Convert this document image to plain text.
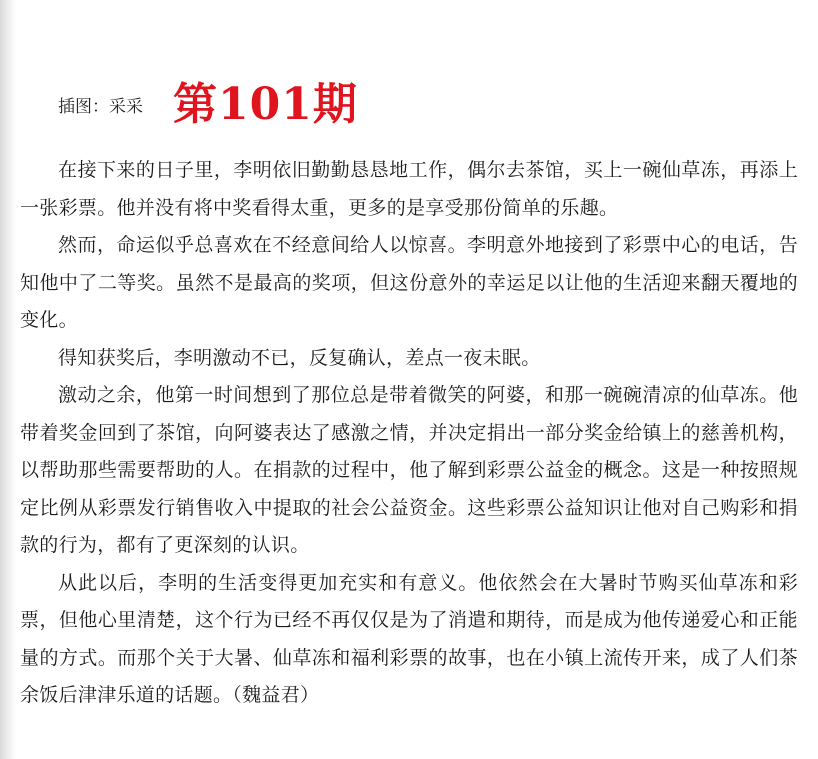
插图：采采 第101期

在接下来的日子里，李明依旧勤勤恳恳地工作，偶尔去茶馆，买上一碗仙草冻，再添上一张彩票。他并没有将中奖看得太重，更多的是享受那份简单的乐趣。

然而，命运似乎总喜欢在不经意间给人以惊喜。李明意外地接到了彩票中心的电话，告知他中了二等奖。虽然不是最高的奖项，但这份意外的幸运足以让他的生活迎来翻天覆地的变化。

得知获奖后，李明激动不已，反复确认，差点一夜未眠。

激动之余，他第一时间想到了那位总是带着微笑的阿婆，和那一碗碗清凉的仙草冻。他带着奖金回到了茶馆，向阿婆表达了感激之情，并决定捐出一部分奖金给镇上的慈善机构，以帮助那些需要帮助的人。在捐款的过程中，他了解到彩票公益金的概念。这是一种按照规定比例从彩票发行销售收入中提取的社会公益资金。这些彩票公益知识让他对自己购彩和捐款的行为，都有了更深刻的认识。

从此以后，李明的生活变得更加充实和有意义。他依然会在大暑时节购买仙草冻和彩票，但他心里清楚，这个行为已经不再仅仅是为了消遣和期待，而是成为他传递爱心和正能量的方式。而那个关于大暑、仙草冻和福利彩票的故事，也在小镇上流传开来，成了人们茶余饭后津津乐道的话题。（魏益君）
